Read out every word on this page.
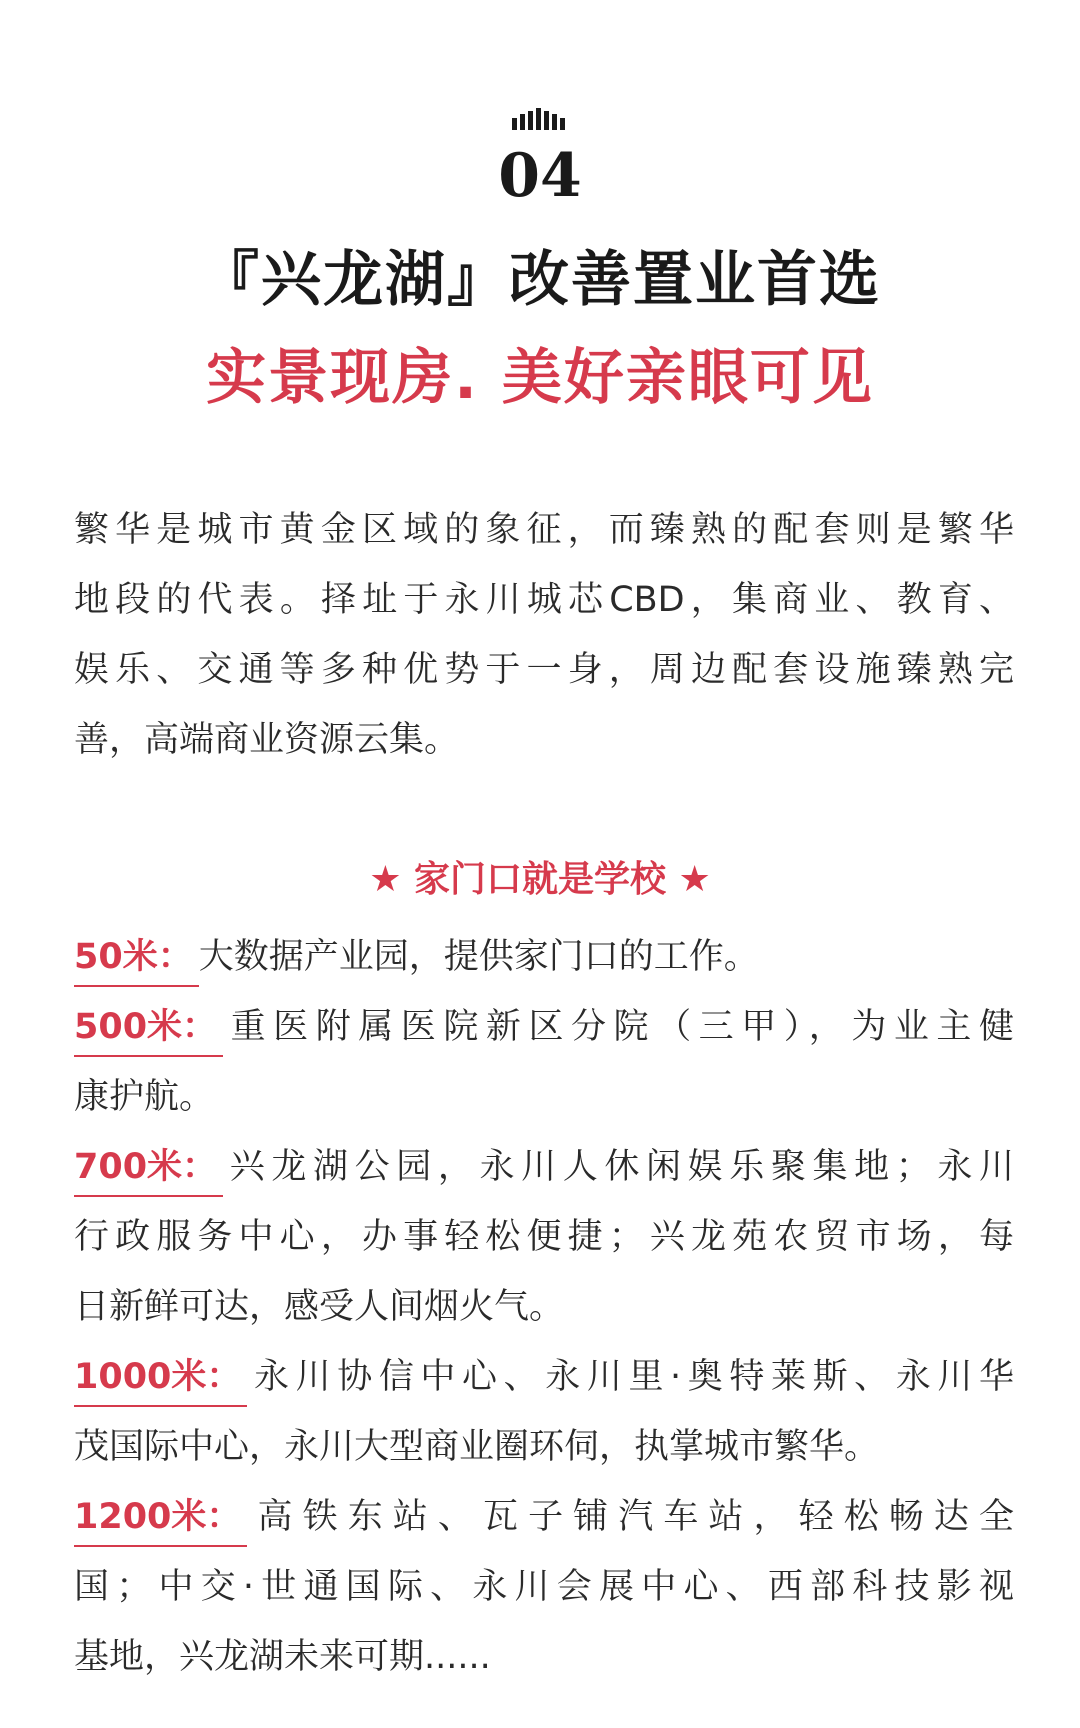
04
『兴龙湖』改善置业首选
实景现房. 美好亲眼可见
繁华是城市黄金区域的象征，而臻熟的配套则是繁华
地段的代表。择址于永川城芯CBD，集商业、教育、
娱乐、交通等多种优势于一身，周边配套设施臻熟完
善，高端商业资源云集。
★ 家门口就是学校 ★
50米： 大数据产业园，提供家门口的工作。
500米： 重医附属医院新区分院（三甲），为业主健
康护航。
700米： 兴龙湖公园，永川人休闲娱乐聚集地；永川
行政服务中心，办事轻松便捷；兴龙苑农贸市场，每
日新鲜可达，感受人间烟火气。
1000米： 永川协信中心、永川里·奥特莱斯、永川华
茂国际中心，永川大型商业圈环伺，执掌城市繁华。
1200米： 高铁东站、瓦子铺汽车站，轻松畅达全
国；中交·世通国际、永川会展中心、西部科技影视
基地，兴龙湖未来可期......
